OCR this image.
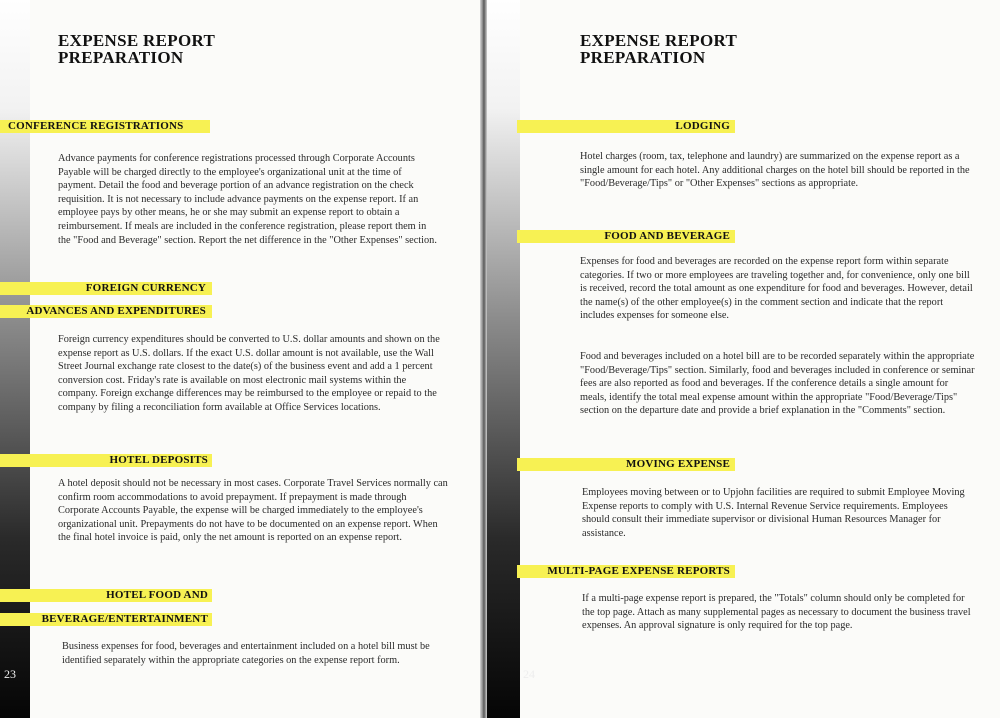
EXPENSE REPORT
PREPARATION
CONFERENCE REGISTRATIONS
Advance payments for conference registrations processed through Corporate Accounts Payable will be charged directly to the employee's organizational unit at the time of payment. Detail the food and beverage portion of an advance registration on the check requisition. It is not necessary to include advance payments on the expense report. If an employee pays by other means, he or she may submit an expense report to obtain a reimbursement. If meals are included in the conference registration, please report them in the "Food and Beverage" section. Report the net difference in the "Other Expenses" section.
FOREIGN CURRENCY
ADVANCES AND EXPENDITURES
Foreign currency expenditures should be converted to U.S. dollar amounts and shown on the expense report as U.S. dollars. If the exact U.S. dollar amount is not available, use the Wall Street Journal exchange rate closest to the date(s) of the business event and add a 1 percent conversion cost. Friday's rate is available on most electronic mail systems within the company. Foreign exchange differences may be reimbursed to the employee or repaid to the company by filing a reconciliation form available at Office Services locations.
HOTEL DEPOSITS
A hotel deposit should not be necessary in most cases. Corporate Travel Services normally can confirm room accommodations to avoid prepayment. If prepayment is made through Corporate Accounts Payable, the expense will be charged immediately to the employee's organizational unit. Prepayments do not have to be documented on an expense report. When the final hotel invoice is paid, only the net amount is reported on an expense report.
HOTEL FOOD AND
BEVERAGE/ENTERTAINMENT
Business expenses for food, beverages and entertainment included on a hotel bill must be identified separately within the appropriate categories on the expense report form.
23
EXPENSE REPORT
PREPARATION
LODGING
Hotel charges (room, tax, telephone and laundry) are summarized on the expense report as a single amount for each hotel. Any additional charges on the hotel bill should be reported in the "Food/Beverage/Tips" or "Other Expenses" sections as appropriate.
FOOD AND BEVERAGE
Expenses for food and beverages are recorded on the expense report form within separate categories. If two or more employees are traveling together and, for convenience, only one bill is received, record the total amount as one expenditure for food and beverages. However, detail the name(s) of the other employee(s) in the comment section and indicate that the report includes expenses for someone else.
Food and beverages included on a hotel bill are to be recorded separately within the appropriate "Food/Beverage/Tips" section. Similarly, food and beverages included in conference or seminar fees are also reported as food and beverages. If the conference details a single amount for meals, identify the total meal expense amount within the appropriate "Food/Beverage/Tips" section on the departure date and provide a brief explanation in the "Comments" section.
MOVING EXPENSE
Employees moving between or to Upjohn facilities are required to submit Employee Moving Expense reports to comply with U.S. Internal Revenue Service requirements. Employees should consult their immediate supervisor or divisional Human Resources Manager for assistance.
MULTI-PAGE EXPENSE REPORTS
If a multi-page expense report is prepared, the "Totals" column should only be completed for the top page. Attach as many supplemental pages as necessary to document the business travel expenses. An approval signature is only required for the top page.
24
